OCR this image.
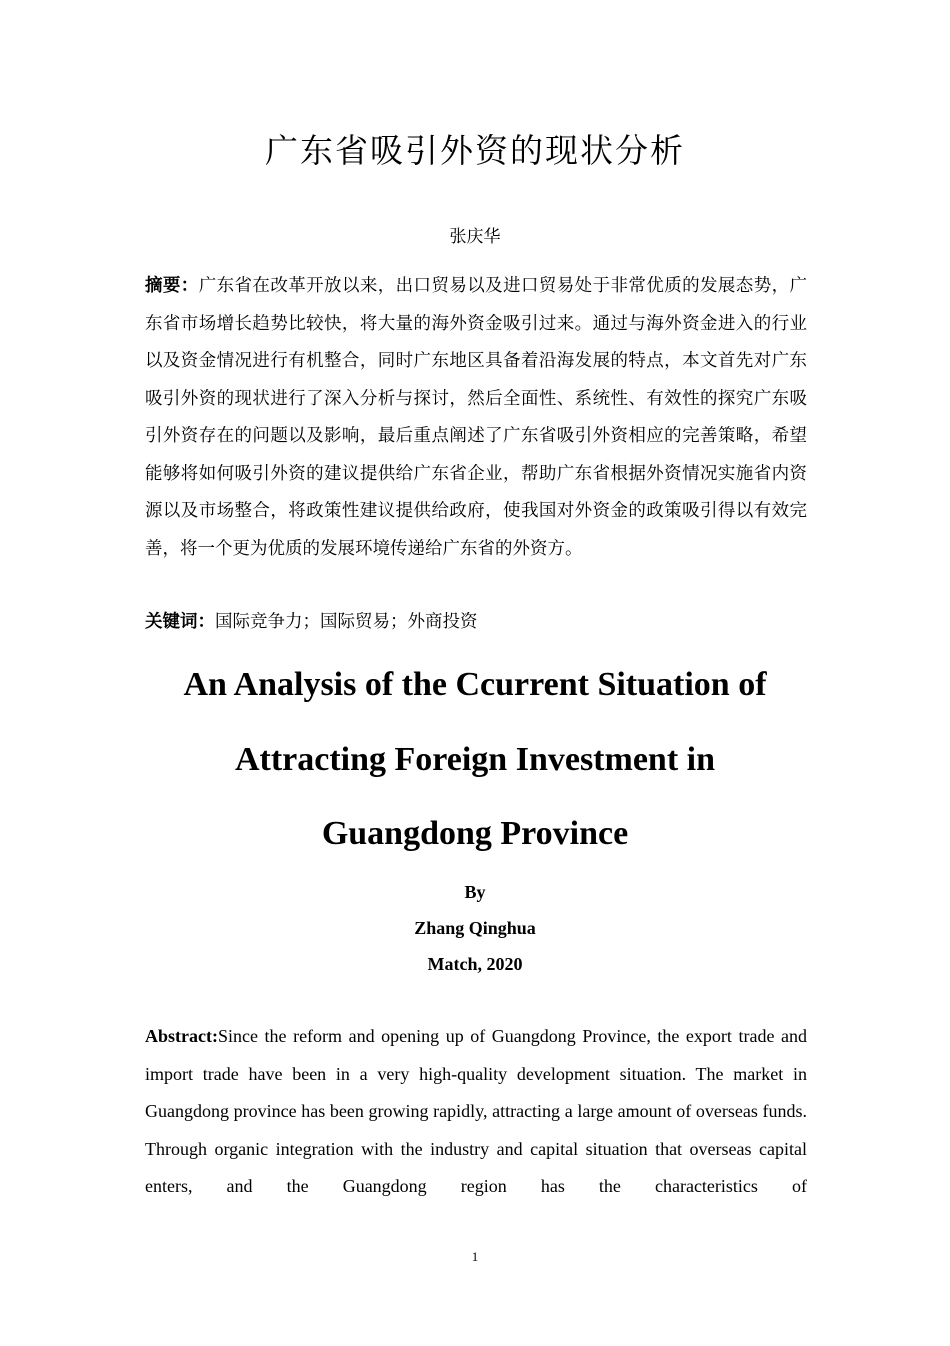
广东省吸引外资的现状分析
张庆华

摘要：广东省在改革开放以来，出口贸易以及进口贸易处于非常优质的发展态势，广东省市场增长趋势比较快，将大量的海外资金吸引过来。通过与海外资金进入的行业以及资金情况进行有机整合，同时广东地区具备着沿海发展的特点，本文首先对广东吸引外资的现状进行了深入分析与探讨，然后全面性、系统性、有效性的探究广东吸引外资存在的问题以及影响，最后重点阐述了广东省吸引外资相应的完善策略，希望能够将如何吸引外资的建议提供给广东省企业，帮助广东省根据外资情况实施省内资源以及市场整合，将政策性建议提供给政府，使我国对外资金的政策吸引得以有效完善，将一个更为优质的发展环境传递给广东省的外资方。

关键词：国际竞争力；国际贸易；外商投资

An Analysis of the Ccurrent Situation of
Attracting Foreign Investment in
Guangdong Province
By
Zhang Qinghua
Match, 2020

Abstract:Since the reform and opening up of Guangdong Province, the export trade and import trade have been in a very high-quality development situation. The market in Guangdong province has been growing rapidly, attracting a large amount of overseas funds. Through organic integration with the industry and capital situation that overseas capital enters, and the Guangdong region has the characteristics of

1
